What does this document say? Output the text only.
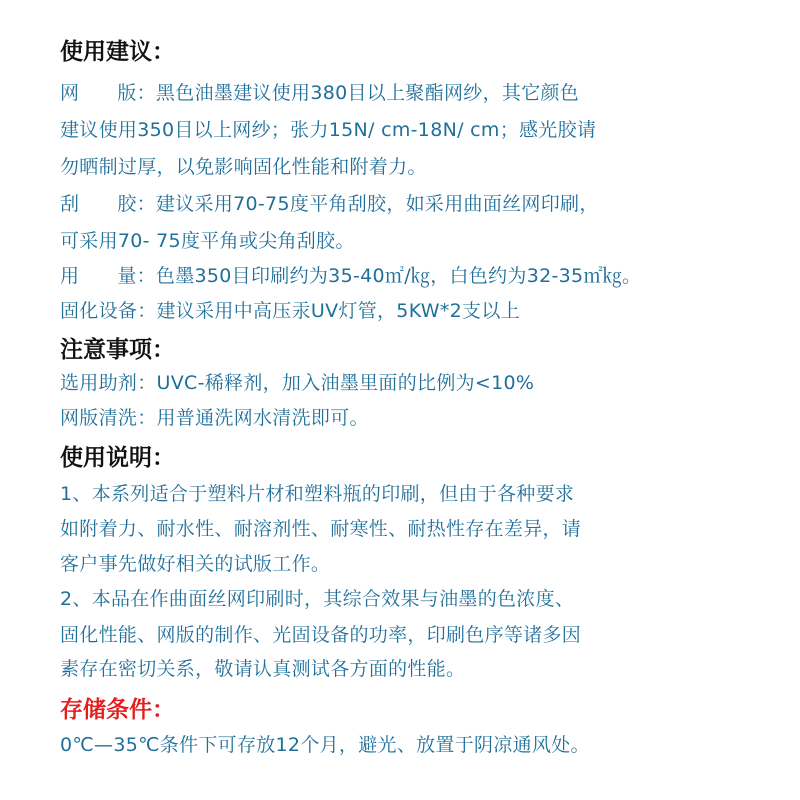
使用建议：
网 版：黑色油墨建议使用380目以上聚酯网纱，其它颜色
建议使用350目以上网纱；张力15N/ cm-18N/ cm；感光胶请
勿晒制过厚，以免影响固化性能和附着力。
刮 胶：建议采用70-75度平角刮胶，如采用曲面丝网印刷，
可采用70- 75度平角或尖角刮胶。
用 量：色墨350目印刷约为35-40㎡/㎏，白色约为32-35㎡㎏。
固化设备：建议采用中高压汞UV灯管，5KW*2支以上
注意事项：
选用助剂：UVC-稀释剂，加入油墨里面的比例为<10%
网版清洗：用普通洗网水清洗即可。
使用说明：
1、本系列适合于塑料片材和塑料瓶的印刷，但由于各种要求
如附着力、耐水性、耐溶剂性、耐寒性、耐热性存在差异，请
客户事先做好相关的试版工作。
2、本品在作曲面丝网印刷时，其综合效果与油墨的色浓度、
固化性能、网版的制作、光固设备的功率，印刷色序等诸多因
素存在密切关系，敬请认真测试各方面的性能。
存储条件：
0℃—35℃条件下可存放12个月，避光、放置于阴凉通风处。
